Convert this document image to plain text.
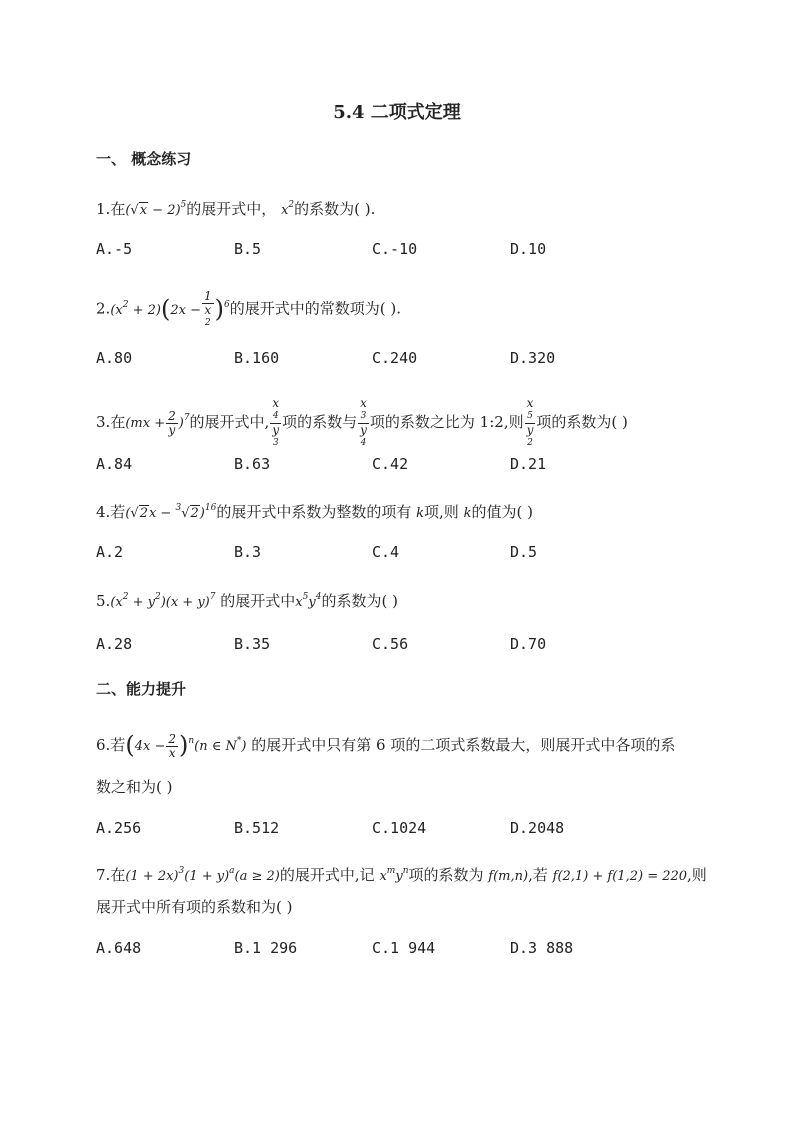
5.4 二项式定理
一、 概念练习
1.在$(√x - 2)^5$的展开式中， $x^2$的系数为( ).
A.-5	B.5	C.-10	D.10
$2.(x^2 + 2)(2x - 1$
x
2 )$^6$的展开式中的常数项为( ).
A.80	B.160	C.240	D.320
3.在$(mx + \frac{2}{y} )^7$的展开式中, x
4
y
3 项的系数与 x
3
y
4 项的系数之比为 1:2,则 x
5
y
2 项的系数为( )
A.84	B.63	C.42	D.21
4.若$(√2x - ^3√2)^{16}$的展开式中系数为整数的项有 k项,则 k的值为( )
A.2	B.3	C.4	D.5
$5.(x^2 + y^2)(x + y)^7$ 的展开式中$x^5y^4$的系数为( )
A.28	B.35	C.56	D.70
二、能力提升
6.若$(4x - \frac{2}{x} )^n(n$ ∈ N*) 的展开式中只有第 6 项的二项式系数最大，则展开式中各项的系
数之和为( )
A.256	B.512	C.1024	D.2048
7.在$(1 + 2x)^3(1 + y)^a(a \ge 2)$的展开式中,记 $x^my^n$项的系数为 f(m,n),若 f(2,1) + f(1,2) = 220,则
展开式中所有项的系数和为( )
A.648	B.1 296	C.1 944	D.3 888
